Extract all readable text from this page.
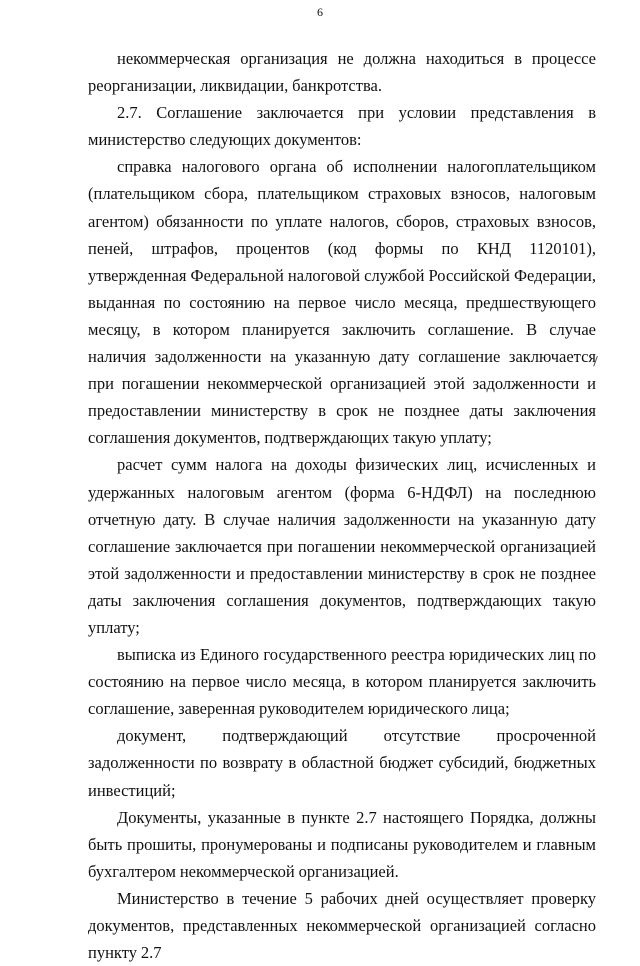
6

некоммерческая организация не должна находиться в процессе реорганизации, ликвидации, банкротства.

2.7. Соглашение заключается при условии представления в министерство следующих документов:

справка налогового органа об исполнении налогоплательщиком (плательщиком сбора, плательщиком страховых взносов, налоговым агентом) обязанности по уплате налогов, сборов, страховых взносов, пеней, штрафов, процентов (код формы по КНД 1120101), утвержденная Федеральной налоговой службой Российской Федерации, выданная по состоянию на первое число месяца, предшествующего месяцу, в котором планируется заключить соглашение. В случае наличия задолженности на указанную дату соглашение заключается при погашении некоммерческой организацией этой задолженности и предоставлении министерству в срок не позднее даты заключения соглашения документов, подтверждающих такую уплату;

расчет сумм налога на доходы физических лиц, исчисленных и удержанных налоговым агентом (форма 6-НДФЛ) на последнюю отчетную дату. В случае наличия задолженности на указанную дату соглашение заключается при погашении некоммерческой организацией этой задолженности и предоставлении министерству в срок не позднее даты заключения соглашения документов, подтверждающих такую уплату;

выписка из Единого государственного реестра юридических лиц по состоянию на первое число месяца, в котором планируется заключить соглашение, заверенная руководителем юридического лица;

документ, подтверждающий отсутствие просроченной задолженности по возврату в областной бюджет субсидий, бюджетных инвестиций;

Документы, указанные в пункте 2.7 настоящего Порядка, должны быть прошиты, пронумерованы и подписаны руководителем и главным бухгалтером некоммерческой организацией.

Министерство в течение 5 рабочих дней осуществляет проверку документов, представленных некоммерческой организацией согласно пункту 2.7
